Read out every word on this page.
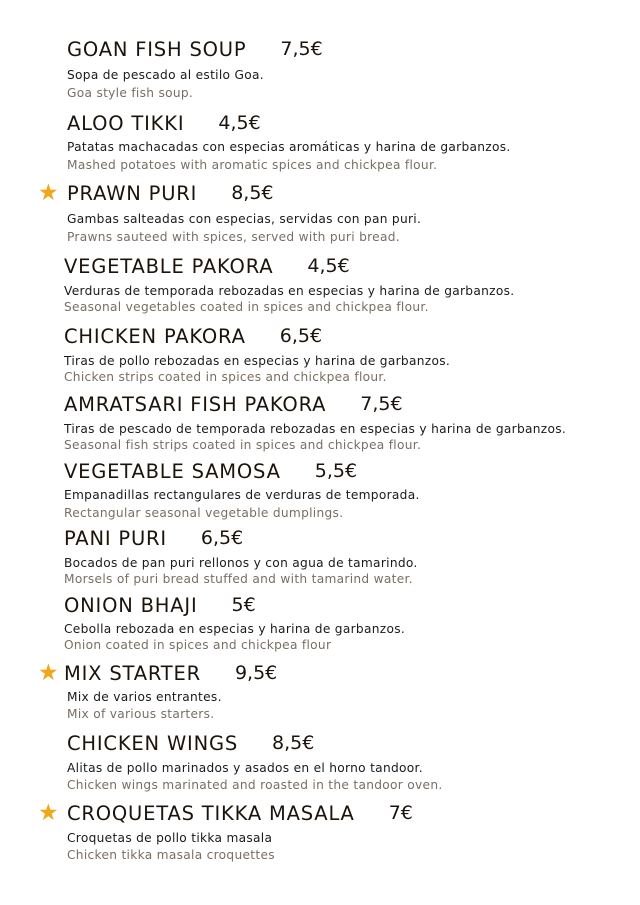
GOAN FISH SOUP 7,5€
Sopa de pescado al estilo Goa.
Goa style fish soup.
ALOO TIKKI 4,5€
Patatas machacadas con especias aromáticas y harina de garbanzos.
Mashed potatoes with aromatic spices and chickpea flour.
★ PRAWN PURI 8,5€
Gambas salteadas con especias, servidas con pan puri.
Prawns sauteed with spices, served with puri bread.
VEGETABLE PAKORA 4,5€
Verduras de temporada rebozadas en especias y harina de garbanzos.
Seasonal vegetables coated in spices and chickpea flour.
CHICKEN PAKORA 6,5€
Tiras de pollo rebozadas en especias y harina de garbanzos.
Chicken strips coated in spices and chickpea flour.
AMRATSARI FISH PAKORA 7,5€
Tiras de pescado de temporada rebozadas en especias y harina de garbanzos.
Seasonal fish strips coated in spices and chickpea flour.
VEGETABLE SAMOSA 5,5€
Empanadillas rectangulares de verduras de temporada.
Rectangular seasonal vegetable dumplings.
PANI PURI 6,5€
Bocados de pan puri rellonos y con agua de tamarindo.
Morsels of puri bread stuffed and with tamarind water.
ONION BHAJI 5€
Cebolla rebozada en especias y harina de garbanzos.
Onion coated in spices and chickpea flour
★ MIX STARTER 9,5€
Mix de varios entrantes.
Mix of various starters.
CHICKEN WINGS 8,5€
Alitas de pollo marinados y asados en el horno tandoor.
Chicken wings marinated and roasted in the tandoor oven.
★ CROQUETAS TIKKA MASALA 7€
Croquetas de pollo tikka masala
Chicken tikka masala croquettes
